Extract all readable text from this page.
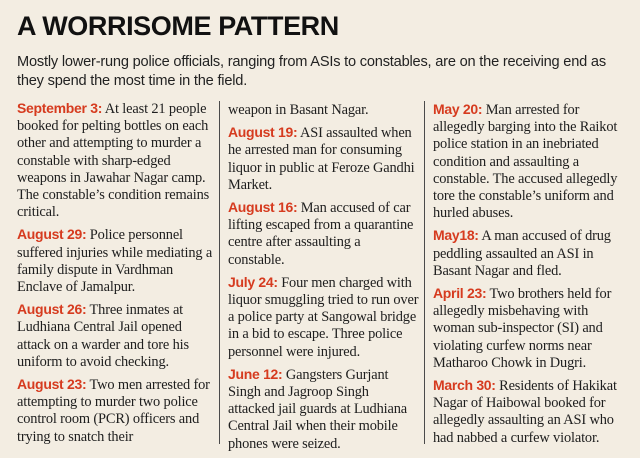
A WORRISOME PATTERN
Mostly lower-rung police officials, ranging from ASIs to constables, are on the receiving end as they spend the most time in the field.

September 3: At least 21 people booked for pelting bottles on each other and attempting to murder a constable with sharp-edged weapons in Jawahar Nagar camp. The constable’s condition remains critical.

August 29: Police personnel suffered injuries while mediating a family dispute in Vardhman Enclave of Jamalpur.

August 26: Three inmates at Ludhiana Central Jail opened attack on a warder and tore his uniform to avoid checking.

August 23: Two men arrested for attempting to murder two police control room (PCR) officers and trying to snatch their

weapon in Basant Nagar.

August 19: ASI assaulted when he arrested man for consuming liquor in public at Feroze Gandhi Market.

August 16: Man accused of car lifting escaped from a quarantine centre after assaulting a constable.

July 24: Four men charged with liquor smuggling tried to run over a police party at Sangowal bridge in a bid to escape. Three police personnel were injured.

June 12: Gangsters Gurjant Singh and Jagroop Singh attacked jail guards at Ludhiana Central Jail when their mobile phones were seized.

May 20: Man arrested for allegedly barging into the Raikot police station in an inebriated condition and assaulting a constable. The accused allegedly tore the constable’s uniform and hurled abuses.

May18: A man accused of drug peddling assaulted an ASI in Basant Nagar and fled.

April 23: Two brothers held for allegedly misbehaving with woman sub-inspector (SI) and violating curfew norms near Matharoo Chowk in Dugri.

March 30: Residents of Hakikat Nagar of Haibowal booked for allegedly assaulting an ASI who had nabbed a curfew violator.
